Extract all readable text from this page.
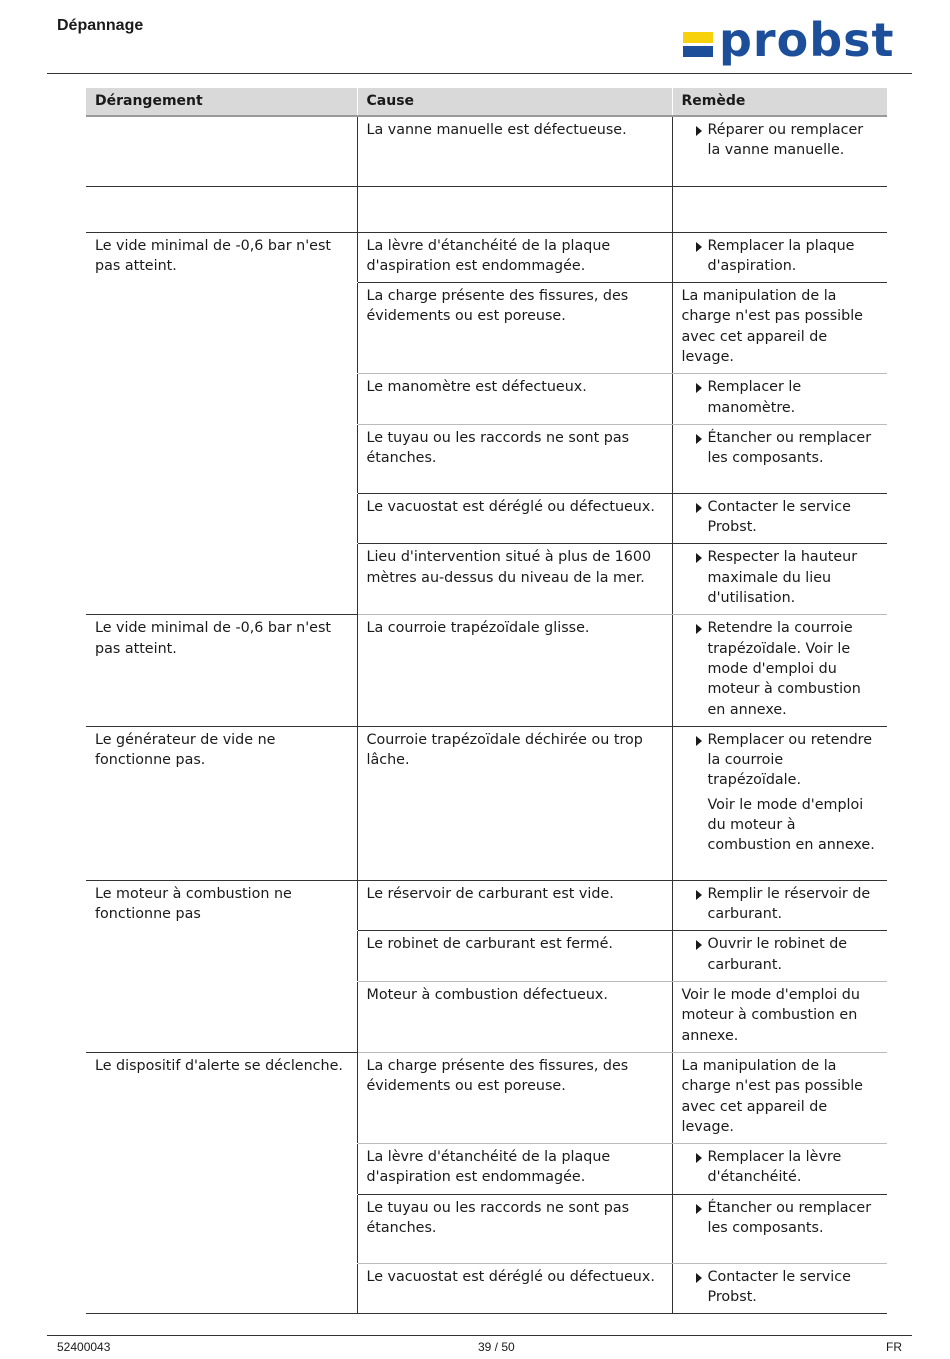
Dépannage	probst
Dérangement	Cause	Remède
	La vanne manuelle est défectueuse.	Réparer ou remplacer la vanne manuelle.

Le vide minimal de -0,6 bar n'est pas atteint.	La lèvre d'étanchéité de la plaque d'aspiration est endommagée.	Remplacer la plaque d'aspiration.

	La charge présente des fissures, des évidements ou est poreuse.	La manipulation de la charge n'est pas possible avec cet appareil de levage.
	Le manomètre est défectueux.	Remplacer le manomètre.

	Le tuyau ou les raccords ne sont pas étanches.	Étancher ou remplacer les composants.

	Le vacuostat est déréglé ou défectueux.	Contacter le service Probst.

	Lieu d'intervention situé à plus de 1600 mètres au-dessus du niveau de la mer.	Respecter la hauteur maximale du lieu d'utilisation.

Le vide minimal de -0,6 bar n'est pas atteint.	La courroie trapézoïdale glisse.	Retendre la courroie trapézoïdale. Voir le mode d'emploi du moteur à combustion en annexe.

Le générateur de vide ne fonctionne pas.	Courroie trapézoïdale déchirée ou trop lâche.	Remplacer ou retendre la courroie trapézoïdale.
Voir le mode d'emploi du moteur à combustion en annexe.

Le moteur à combustion ne fonctionne pas	Le réservoir de carburant est vide.	Remplir le réservoir de carburant.

	Le robinet de carburant est fermé.	Ouvrir le robinet de carburant.

	Moteur à combustion défectueux.	Voir le mode d'emploi du moteur à combustion en annexe.
Le dispositif d'alerte se déclenche.	La charge présente des fissures, des évidements ou est poreuse.	La manipulation de la charge n'est pas possible avec cet appareil de levage.
	La lèvre d'étanchéité de la plaque d'aspiration est endommagée.	Remplacer la lèvre d'étanchéité.

	Le tuyau ou les raccords ne sont pas étanches.	Étancher ou remplacer les composants.

	Le vacuostat est déréglé ou défectueux.	Contacter le service Probst.
52400043	39 / 50	FR
